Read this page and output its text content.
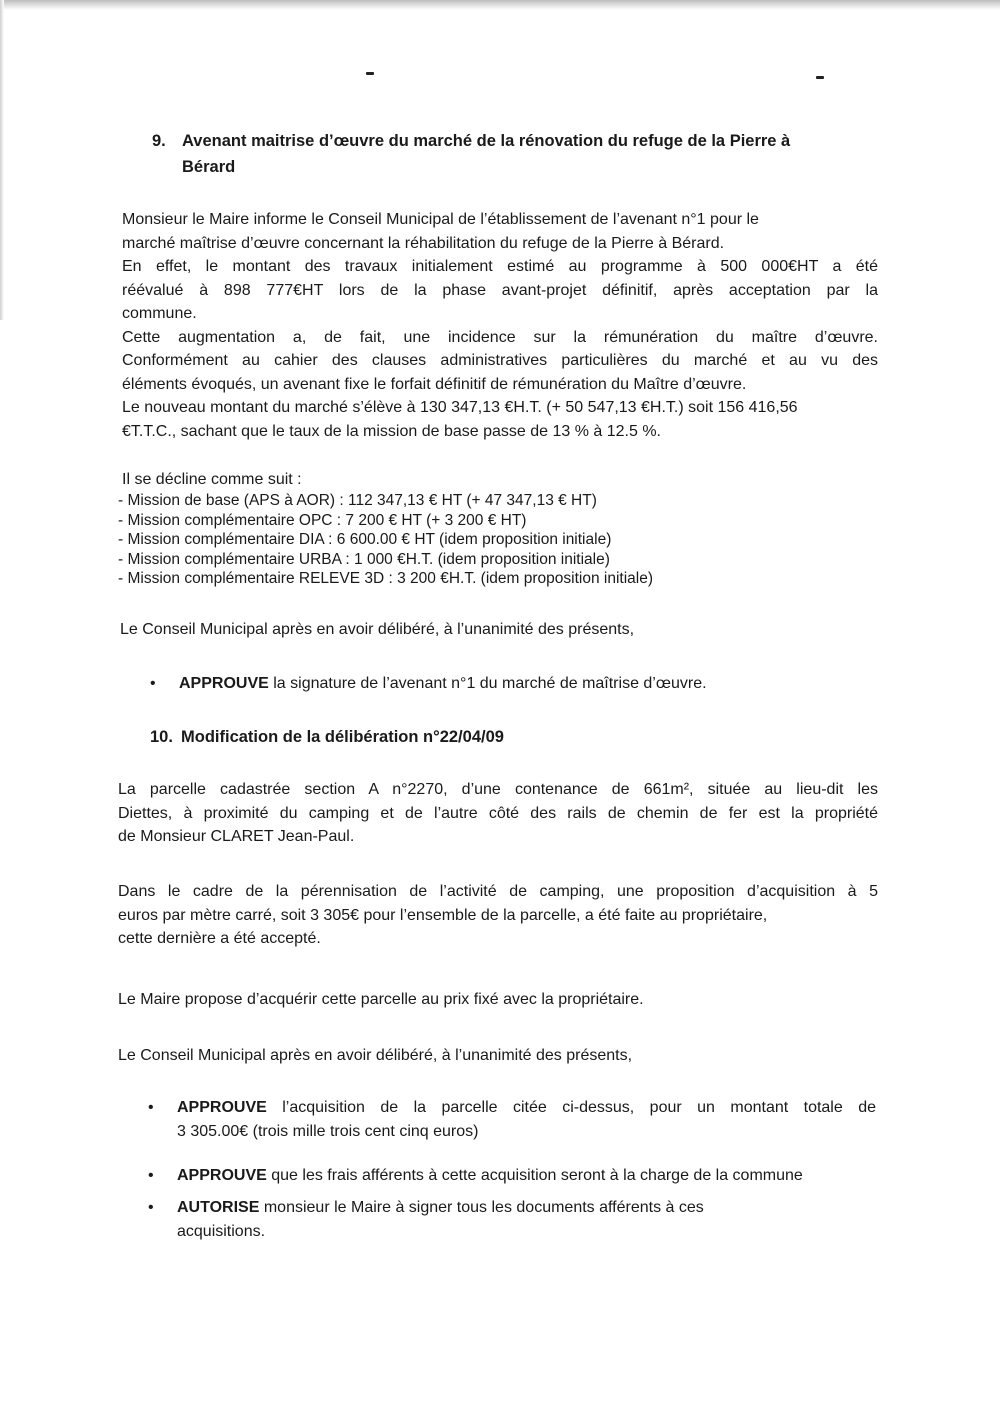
9. Avenant maitrise d’œuvre du marché de la rénovation du refuge de la Pierre à
Bérard
Monsieur le Maire informe le Conseil Municipal de l’établissement de l’avenant n°1 pour le
marché maîtrise d’œuvre concernant la réhabilitation du refuge de la Pierre à Bérard.
En effet, le montant des travaux initialement estimé au programme à 500 000€HT a été
réévalué à 898 777€HT lors de la phase avant-projet définitif, après acceptation par la
commune.
Cette augmentation a, de fait, une incidence sur la rémunération du maître d’œuvre.
Conformément au cahier des clauses administratives particulières du marché et au vu des
éléments évoqués, un avenant fixe le forfait définitif de rémunération du Maître d’œuvre.
Le nouveau montant du marché s’élève à 130 347,13 €H.T. (+ 50 547,13 €H.T.) soit 156 416,56
€T.T.C., sachant que le taux de la mission de base passe de 13 % à 12.5 %.
Il se décline comme suit :
- Mission de base (APS à AOR) : 112 347,13 € HT (+ 47 347,13 € HT)
- Mission complémentaire OPC : 7 200 € HT (+ 3 200 € HT)
- Mission complémentaire DIA : 6 600.00 € HT (idem proposition initiale)
- Mission complémentaire URBA : 1 000 €H.T. (idem proposition initiale)
- Mission complémentaire RELEVE 3D : 3 200 €H.T. (idem proposition initiale)
Le Conseil Municipal après en avoir délibéré, à l’unanimité des présents,
• APPROUVE la signature de l’avenant n°1 du marché de maîtrise d’œuvre.
10. Modification de la délibération n°22/04/09
La parcelle cadastrée section A n°2270, d’une contenance de 661m², située au lieu-dit les
Diettes, à proximité du camping et de l’autre côté des rails de chemin de fer est la propriété
de Monsieur CLARET Jean-Paul.
Dans le cadre de la pérennisation de l’activité de camping, une proposition d’acquisition à 5
euros par mètre carré, soit 3 305€ pour l’ensemble de la parcelle, a été faite au propriétaire,
cette dernière a été accepté.
Le Maire propose d’acquérir cette parcelle au prix fixé avec la propriétaire.
Le Conseil Municipal après en avoir délibéré, à l’unanimité des présents,
• APPROUVE l’acquisition de la parcelle citée ci-dessus, pour un montant totale de
3 305.00€ (trois mille trois cent cinq euros)
• APPROUVE que les frais afférents à cette acquisition seront à la charge de la commune
• AUTORISE monsieur le Maire à signer tous les documents afférents à ces
acquisitions.
